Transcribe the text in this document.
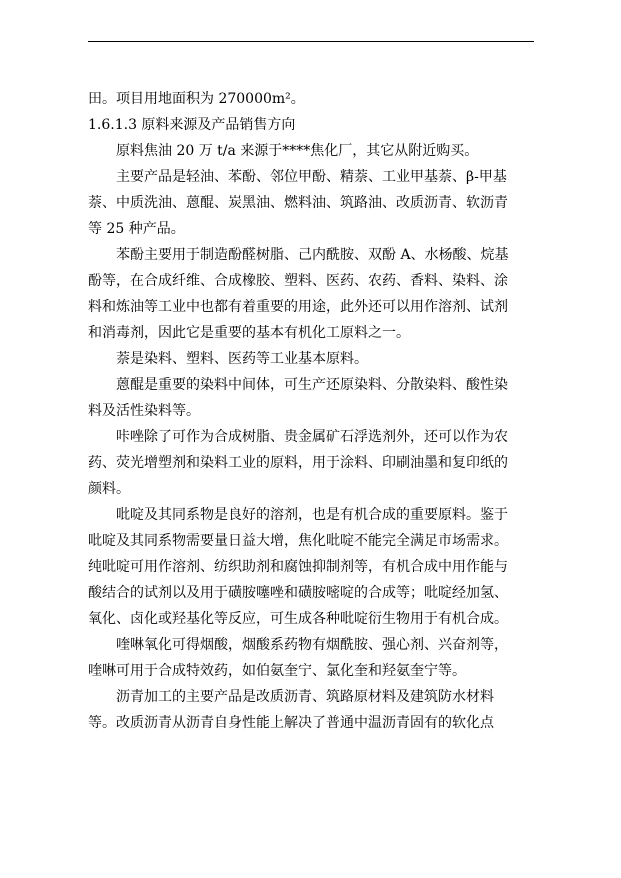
田。项目用地面积为 270000m²。
1.6.1.3 原料来源及产品销售方向
原料焦油 20 万 t/a 来源于****焦化厂，其它从附近购买。
主要产品是轻油、苯酚、邻位甲酚、精萘、工业甲基萘、β-甲基
萘、中质洗油、蒽醌、炭黑油、燃料油、筑路油、改质沥青、软沥青
等 25 种产品。
苯酚主要用于制造酚醛树脂、己内酰胺、双酚 A、水杨酸、烷基
酚等，在合成纤维、合成橡胶、塑料、医药、农药、香料、染料、涂
料和炼油等工业中也都有着重要的用途，此外还可以用作溶剂、试剂
和消毒剂，因此它是重要的基本有机化工原料之一。
萘是染料、塑料、医药等工业基本原料。
蒽醌是重要的染料中间体，可生产还原染料、分散染料、酸性染
料及活性染料等。
咔唑除了可作为合成树脂、贵金属矿石浮选剂外，还可以作为农
药、荧光增塑剂和染料工业的原料，用于涂料、印刷油墨和复印纸的
颜料。
吡啶及其同系物是良好的溶剂，也是有机合成的重要原料。鉴于
吡啶及其同系物需要量日益大增，焦化吡啶不能完全满足市场需求。
纯吡啶可用作溶剂、纺织助剂和腐蚀抑制剂等，有机合成中用作能与
酸结合的试剂以及用于磺胺噻唑和磺胺嘧啶的合成等；吡啶经加氢、
氧化、卤化或羟基化等反应，可生成各种吡啶衍生物用于有机合成。
喹啉氧化可得烟酸，烟酸系药物有烟酰胺、强心剂、兴奋剂等，
喹啉可用于合成特效药，如伯氨奎宁、氯化奎和羟氨奎宁等。
沥青加工的主要产品是改质沥青、筑路原材料及建筑防水材料
等。改质沥青从沥青自身性能上解决了普通中温沥青固有的软化点
